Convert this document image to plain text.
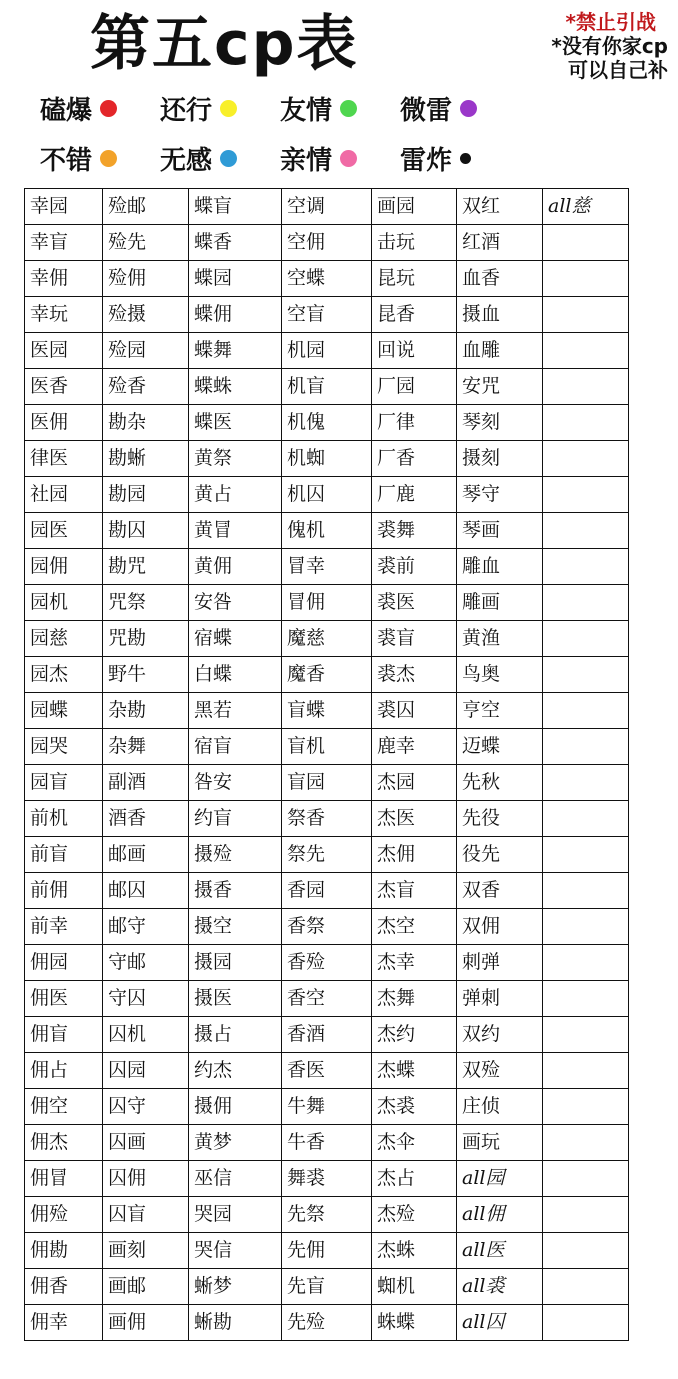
第五cp表	*禁止引战
*没有你家cp
可以自己补
磕爆	还行	友情	微雷
不错	无感	亲情	雷炸
幸园	殓邮	蝶盲	空调	画园	双红	all慈
幸盲	殓先	蝶香	空佣	击玩	红酒	
幸佣	殓佣	蝶园	空蝶	昆玩	血香	
幸玩	殓摄	蝶佣	空盲	昆香	摄血	
医园	殓园	蝶舞	机园	回说	血雕	
医香	殓香	蝶蛛	机盲	厂园	安咒	
医佣	勘杂	蝶医	机傀	厂律	琴刻	
律医	勘蜥	黄祭	机蜘	厂香	摄刻	
社园	勘园	黄占	机囚	厂鹿	琴守	
园医	勘囚	黄冒	傀机	裘舞	琴画	
园佣	勘咒	黄佣	冒幸	裘前	雕血	
园机	咒祭	安咎	冒佣	裘医	雕画	
园慈	咒勘	宿蝶	魔慈	裘盲	黄渔	
园杰	野牛	白蝶	魔香	裘杰	鸟奥	
园蝶	杂勘	黑若	盲蝶	裘囚	亨空	
园哭	杂舞	宿盲	盲机	鹿幸	迈蝶	
园盲	副酒	咎安	盲园	杰园	先秋	
前机	酒香	约盲	祭香	杰医	先役	
前盲	邮画	摄殓	祭先	杰佣	役先	
前佣	邮囚	摄香	香园	杰盲	双香	
前幸	邮守	摄空	香祭	杰空	双佣	
佣园	守邮	摄园	香殓	杰幸	刺弹	
佣医	守囚	摄医	香空	杰舞	弹刺	
佣盲	囚机	摄占	香酒	杰约	双约	
佣占	囚园	约杰	香医	杰蝶	双殓	
佣空	囚守	摄佣	牛舞	杰裘	庄侦	
佣杰	囚画	黄梦	牛香	杰伞	画玩	
佣冒	囚佣	巫信	舞裘	杰占	all园	
佣殓	囚盲	哭园	先祭	杰殓	all佣	
佣勘	画刻	哭信	先佣	杰蛛	all医	
佣香	画邮	蜥梦	先盲	蜘机	all裘	
佣幸	画佣	蜥勘	先殓	蛛蝶	all囚	
